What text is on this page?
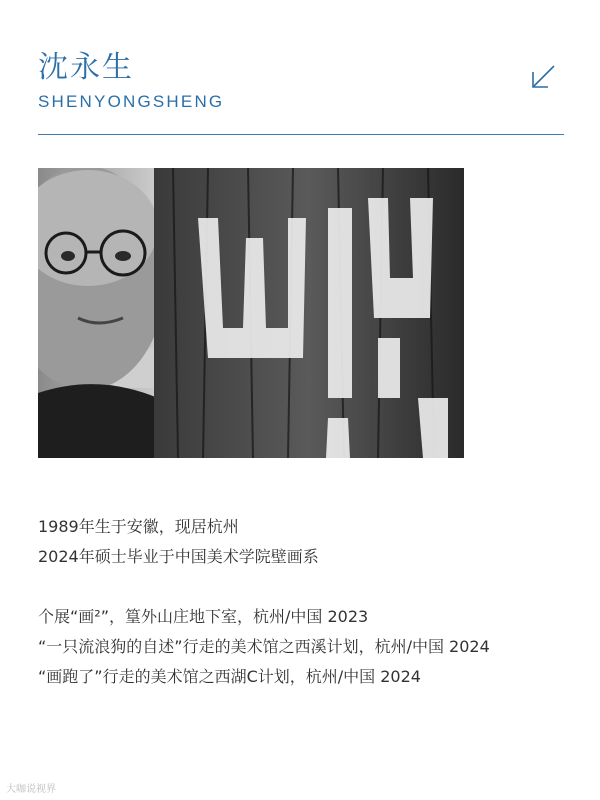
沈永生
SHENYONGSHENG

1989年生于安徽，现居杭州

2024年硕士毕业于中国美术学院壁画系

个展“画²”，篁外山庄地下室，杭州/中国 2023

“一只流浪狗的自述”行走的美术馆之西溪计划，杭州/中国 2024

“画跑了”行走的美术馆之西湖C计划，杭州/中国 2024

大咖说视界
